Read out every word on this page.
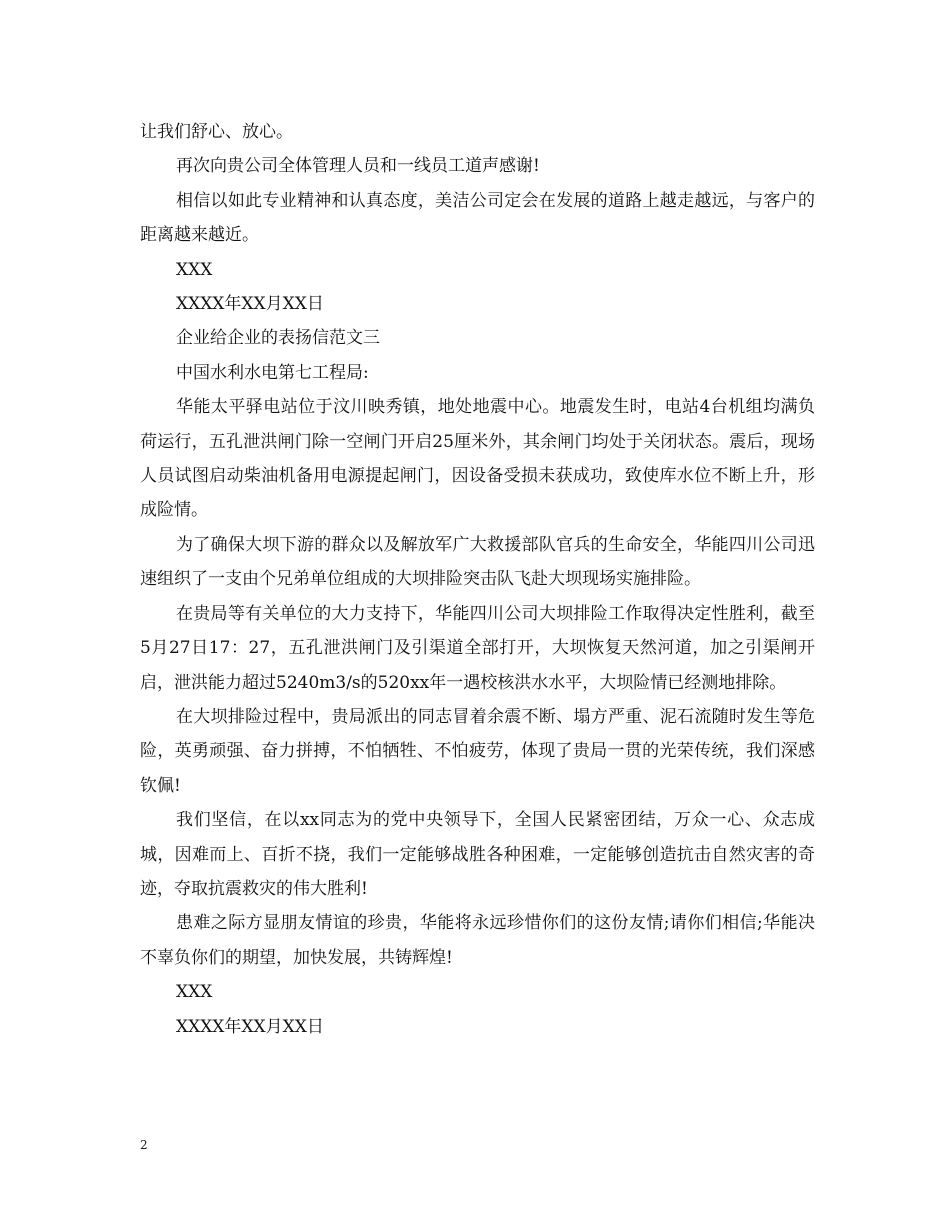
让我们舒心、放心。

再次向贵公司全体管理人员和一线员工道声感谢!

相信以如此专业精神和认真态度，美洁公司定会在发展的道路上越走越远，与客户的距离越来越近。

XXX

XXXX年XX月XX日

企业给企业的表扬信范文三

中国水利水电第七工程局:

华能太平驿电站位于汶川映秀镇，地处地震中心。地震发生时，电站4台机组均满负荷运行，五孔泄洪闸门除一空闸门开启25厘米外，其余闸门均处于关闭状态。震后，现场人员试图启动柴油机备用电源提起闸门，因设备受损未获成功，致使库水位不断上升，形成险情。

为了确保大坝下游的群众以及解放军广大救援部队官兵的生命安全，华能四川公司迅速组织了一支由个兄弟单位组成的大坝排险突击队飞赴大坝现场实施排险。

在贵局等有关单位的大力支持下，华能四川公司大坝排险工作取得决定性胜利，截至5月27日17：27，五孔泄洪闸门及引渠道全部打开，大坝恢复天然河道，加之引渠闸开启，泄洪能力超过5240m3/s的520xx年一遇校核洪水水平，大坝险情已经测地排除。

在大坝排险过程中，贵局派出的同志冒着余震不断、塌方严重、泥石流随时发生等危险，英勇顽强、奋力拼搏，不怕牺牲、不怕疲劳，体现了贵局一贯的光荣传统，我们深感钦佩!

我们坚信，在以xx同志为的党中央领导下，全国人民紧密团结，万众一心、众志成城，因难而上、百折不挠，我们一定能够战胜各种困难，一定能够创造抗击自然灾害的奇迹，夺取抗震救灾的伟大胜利!

患难之际方显朋友情谊的珍贵，华能将永远珍惜你们的这份友情;请你们相信;华能决不辜负你们的期望，加快发展，共铸辉煌!

XXX

XXXX年XX月XX日

2
